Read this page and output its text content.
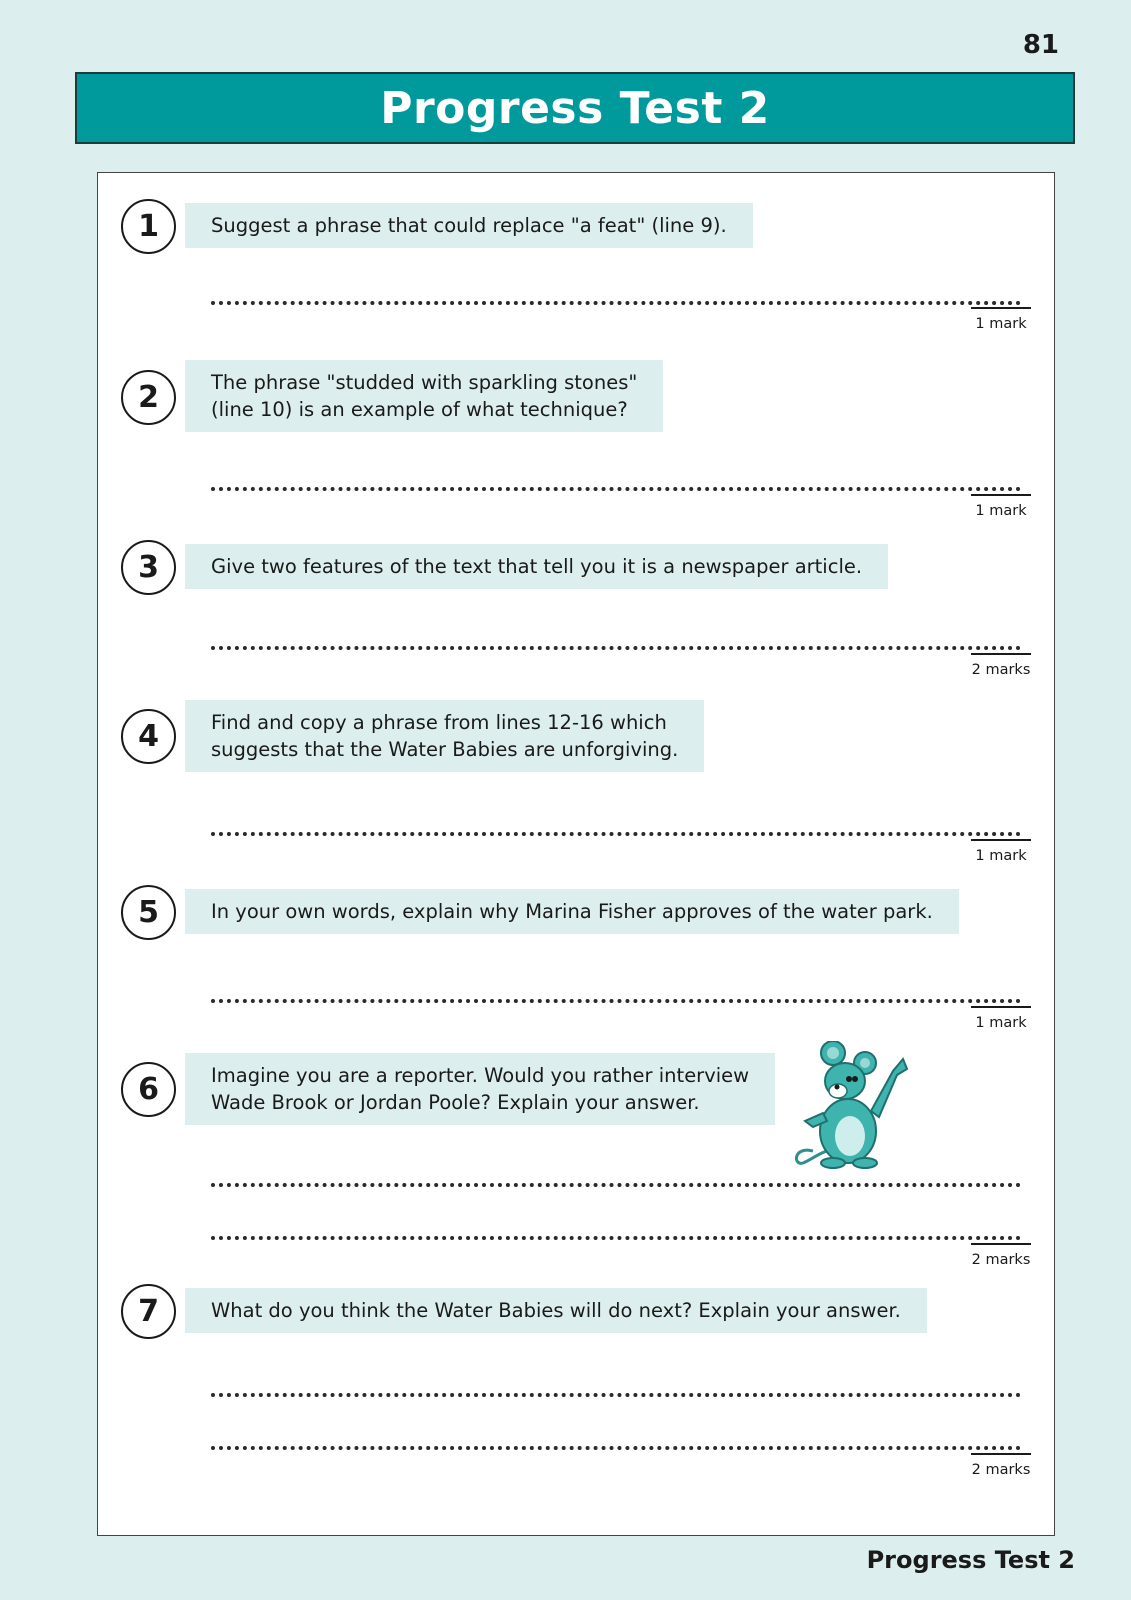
81
Progress Test 2
1	Suggest a phrase that could replace "a feat" (line 9).
1 mark
2	The phrase "studded with sparkling stones"
(line 10) is an example of what technique?
1 mark
3	Give two features of the text that tell you it is a newspaper article.
2 marks
4	Find and copy a phrase from lines 12-16 which
suggests that the Water Babies are unforgiving.
1 mark
5	In your own words, explain why Marina Fisher approves of the water park.
1 mark
6	Imagine you are a reporter. Would you rather interview
Wade Brook or Jordan Poole? Explain your answer.
2 marks
7	What do you think the Water Babies will do next? Explain your answer.
2 marks
Progress Test 2
